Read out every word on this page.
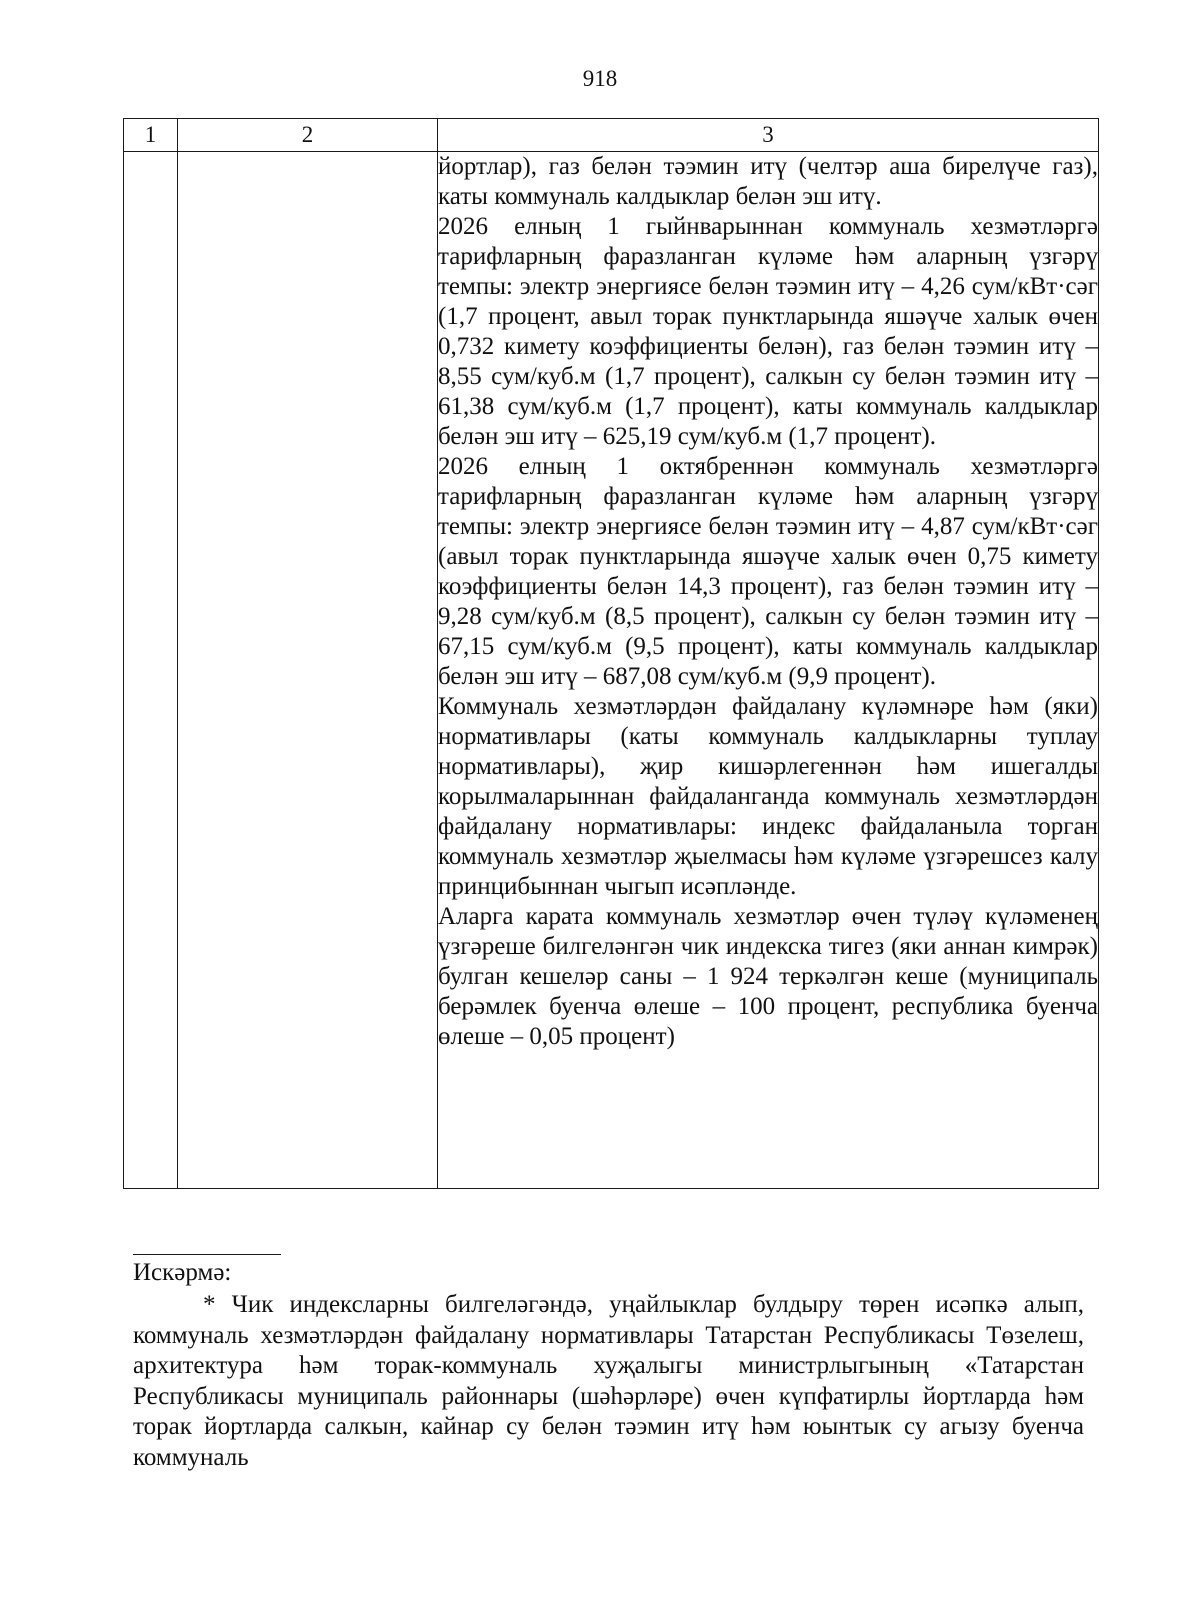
918
1	2	3

		йортлар), газ белән тәэмин итү (челтәр аша бирелүче газ), каты коммуналь калдыклар белән эш итү.

2026 елның 1 гыйнварыннан коммуналь хезмәтләргә тарифларның фаразланган күләме һәм аларның үзгәрү темпы: электр энергиясе белән тәэмин итү – 4,26 сум/кВт·сәг (1,7 процент, авыл торак пунктларында яшәүче халык өчен 0,732 кимету коэффициенты белән), газ белән тәэмин итү – 8,55 сум/куб.м (1,7 процент), салкын су белән тәэмин итү – 61,38 сум/куб.м (1,7 процент), каты коммуналь калдыклар белән эш итү – 625,19 сум/куб.м (1,7 процент).

2026 елның 1 октябреннән коммуналь хезмәтләргә тарифларның фаразланган күләме һәм аларның үзгәрү темпы: электр энергиясе белән тәэмин итү – 4,87 сум/кВт·сәг (авыл торак пунктларында яшәүче халык өчен 0,75 кимету коэффициенты белән 14,3 процент), газ белән тәэмин итү – 9,28 сум/куб.м (8,5 процент), салкын су белән тәэмин итү – 67,15 сум/куб.м (9,5 процент), каты коммуналь калдыклар белән эш итү – 687,08 сум/куб.м (9,9 процент).

Коммуналь хезмәтләрдән файдалану күләмнәре һәм (яки) нормативлары (каты коммуналь калдыкларны туплау нормативлары), җир кишәрлегеннән һәм ишегалды корылмаларыннан файдаланганда коммуналь хезмәтләрдән файдалану нормативлары: индекс файдаланыла торган коммуналь хезмәтләр җыелмасы һәм күләме үзгәрешсез калу принцибыннан чыгып исәпләнде.

Аларга карата коммуналь хезмәтләр өчен түләү күләменең үзгәреше билгеләнгән чик индекска тигез (яки аннан кимрәк) булган кешеләр саны – 1 924 теркәлгән кеше (муниципаль берәмлек буенча өлеше – 100 процент, республика буенча өлеше – 0,05 процент)

Искәрмә:

* Чик индексларны билгеләгәндә, уңайлыклар булдыру төрен исәпкә алып, коммуналь хезмәтләрдән файдалану нормативлары Татарстан Республикасы Төзелеш, архитектура һәм торак-коммуналь хуҗалыгы министрлыгының «Татарстан Республикасы муниципаль районнары (шәһәрләре) өчен күпфатирлы йортларда һәм торак йортларда салкын, кайнар су белән тәэмин итү һәм юынтык су агызу буенча коммуналь
